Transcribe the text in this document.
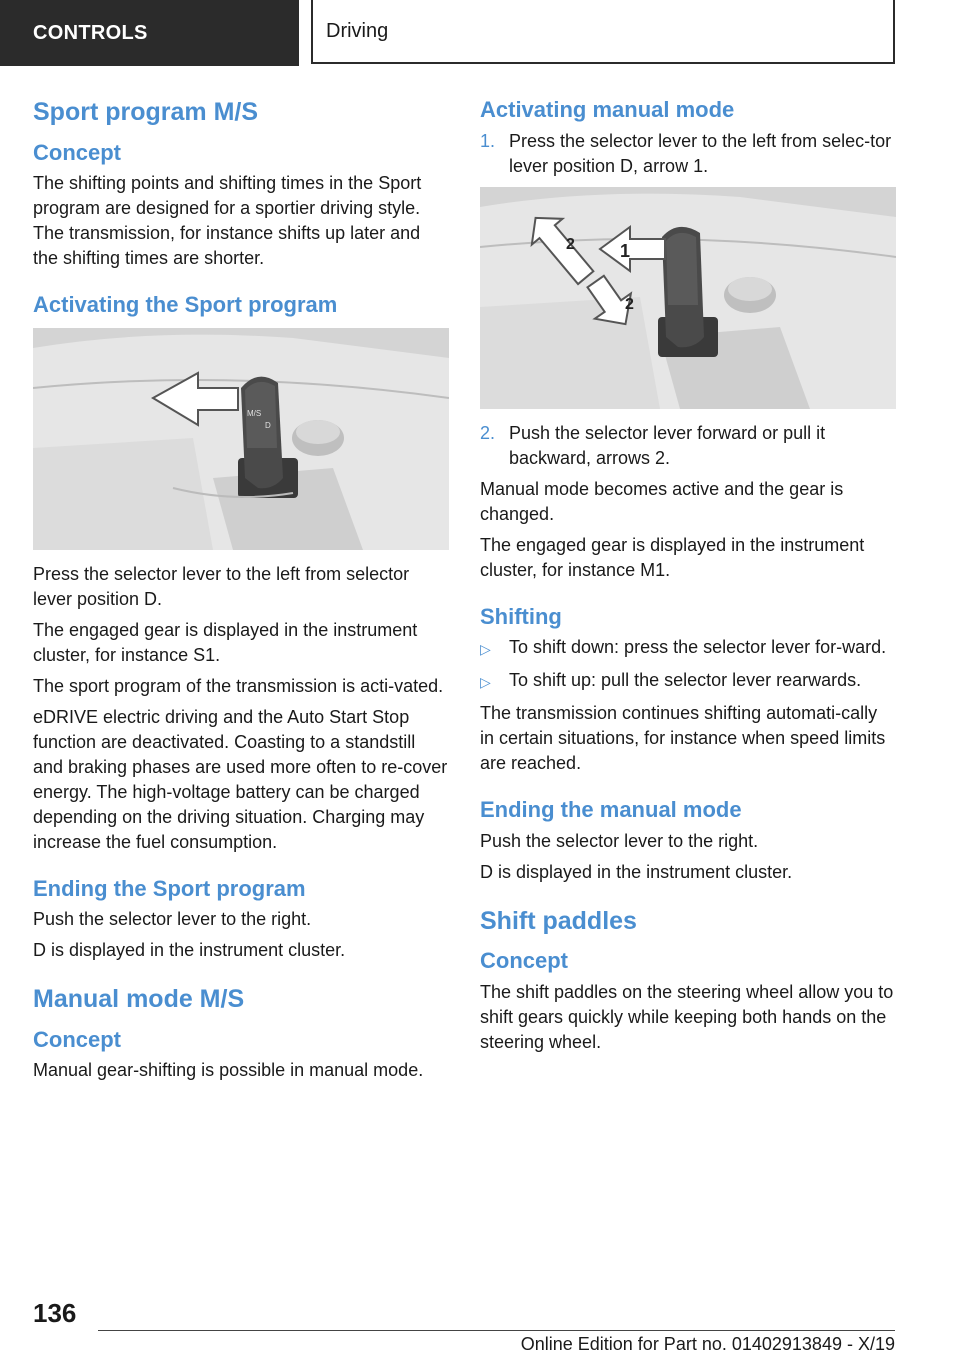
CONTROLS	Driving
Sport program M/S
Concept

The shifting points and shifting times in the Sport program are designed for a sportier driving style. The transmission, for instance shifts up later and the shifting times are shorter.

Activating the Sport program
M/S
D

Press the selector lever to the left from selector lever position D.

The engaged gear is displayed in the instrument cluster, for instance S1.

The sport program of the transmission is acti-vated.

eDRIVE electric driving and the Auto Start Stop function are deactivated. Coasting to a standstill and braking phases are used more often to re-cover energy. The high-voltage battery can be charged depending on the driving situation. Charging may increase the fuel consumption.

Ending the Sport program

Push the selector lever to the right.

D is displayed in the instrument cluster.

Manual mode M/S
Concept

Manual gear-shifting is possible in manual mode.

Activating manual mode
1. Press the selector lever to the left from selec-tor lever position D, arrow 1.
1
2
2
2. Push the selector lever forward or pull it backward, arrows 2.

Manual mode becomes active and the gear is changed.

The engaged gear is displayed in the instrument cluster, for instance M1.

Shifting
▷	To shift down: press the selector lever for-ward.
▷	To shift up: pull the selector lever rearwards.

The transmission continues shifting automati-cally in certain situations, for instance when speed limits are reached.

Ending the manual mode

Push the selector lever to the right.

D is displayed in the instrument cluster.

Shift paddles
Concept

The shift paddles on the steering wheel allow you to shift gears quickly while keeping both hands on the steering wheel.

136
Online Edition for Part no. 01402913849 - X/19
